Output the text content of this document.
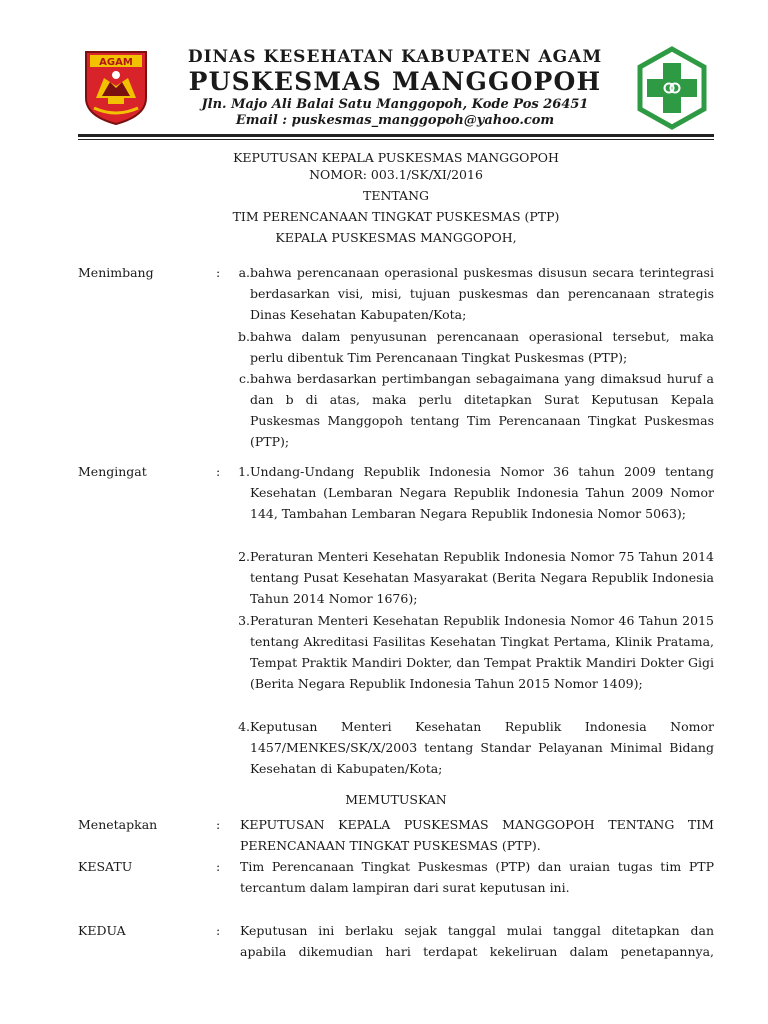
AGAM	DINAS KESEHATAN KABUPATEN AGAM
PUSKESMAS MANGGOPOH
Jln. Majo Ali Balai Satu Manggopoh, Kode Pos 26451
Email : puskesmas_manggopoh@yahoo.com
KEPUTUSAN KEPALA PUSKESMAS MANGGOPOH
NOMOR: 003.1/SK/XI/2016
TENTANG
TIM PERENCANAAN TINGKAT PUSKESMAS (PTP)
KEPALA PUSKESMAS MANGGOPOH,
Menimbang	:	a. bahwa perencanaan operasional puskesmas disusun secara terintegrasi berdasarkan visi, misi, tujuan puskesmas dan perencanaan strategis Dinas Kesehatan Kabupaten/Kota;
b. bahwa dalam penyusunan perencanaan operasional tersebut, maka perlu dibentuk Tim Perencanaan Tingkat Puskesmas (PTP);
c. bahwa berdasarkan pertimbangan sebagaimana yang dimaksud huruf a dan b di atas, maka perlu ditetapkan Surat Keputusan Kepala Puskesmas Manggopoh tentang Tim Perencanaan Tingkat Puskesmas (PTP);
Mengingat	:	1. Undang-Undang Republik Indonesia Nomor 36 tahun 2009 tentang Kesehatan (Lembaran Negara Republik Indonesia Tahun 2009 Nomor 144, Tambahan Lembaran Negara Republik Indonesia Nomor 5063);
2. Peraturan Menteri Kesehatan Republik Indonesia Nomor 75 Tahun 2014 tentang Pusat Kesehatan Masyarakat (Berita Negara Republik Indonesia Tahun 2014 Nomor 1676);
3. Peraturan Menteri Kesehatan Republik Indonesia Nomor 46 Tahun 2015 tentang Akreditasi Fasilitas Kesehatan Tingkat Pertama, Klinik Pratama, Tempat Praktik Mandiri Dokter, dan Tempat Praktik Mandiri Dokter Gigi (Berita Negara Republik Indonesia Tahun 2015 Nomor 1409);
4. Keputusan Menteri Kesehatan Republik Indonesia Nomor 1457/MENKES/SK/X/2003 tentang Standar Pelayanan Minimal Bidang Kesehatan di Kabupaten/Kota;
MEMUTUSKAN
Menetapkan	: KEPUTUSAN KEPALA PUSKESMAS MANGGOPOH TENTANG TIM
PERENCANAAN TINGKAT PUSKESMAS (PTP).
KESATU	: Tim Perencanaan Tingkat Puskesmas (PTP) dan uraian tugas tim PTP
tercantum dalam lampiran dari surat keputusan ini.
KEDUA	: Keputusan ini berlaku sejak tanggal mulai tanggal ditetapkan dan
apabila dikemudian hari terdapat kekeliruan dalam penetapannya,
